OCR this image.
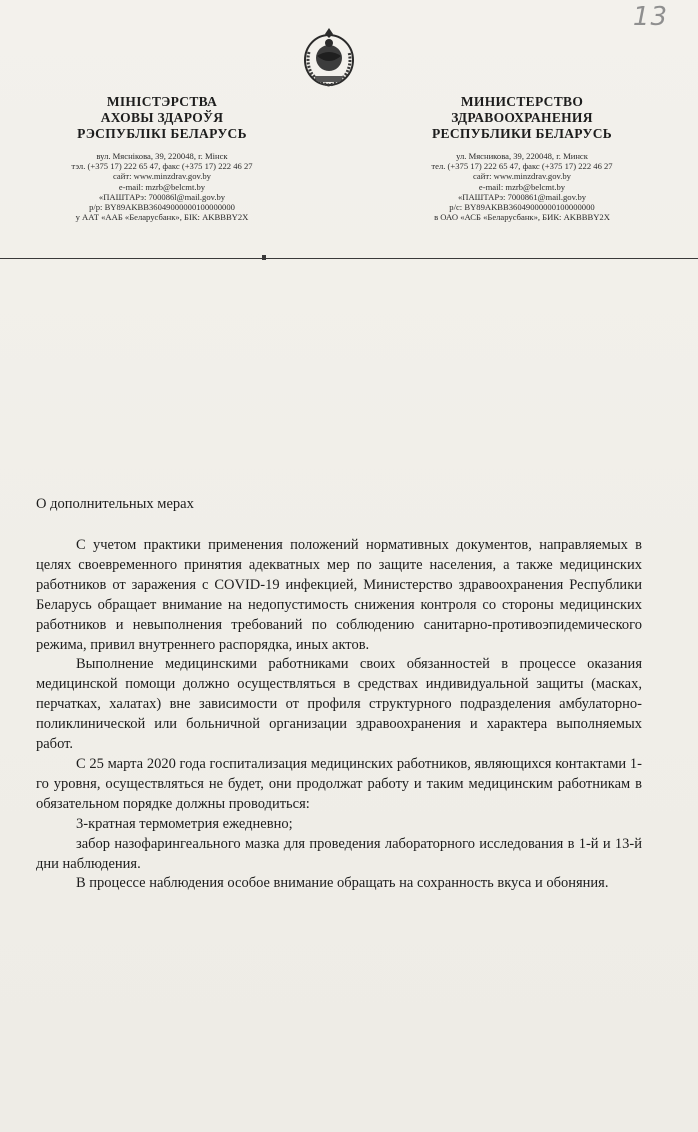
13
МIНIСТЭРСТВА
АХОВЫ ЗДАРОЎЯ
РЭСПУБЛIКI БЕЛАРУСЬ
вул. Мяснiкова, 39, 220048, г. Мiнск
тэл. (+375 17) 222 65 47, факс (+375 17) 222 46 27
сайт: www.minzdrav.gov.by
e-mail: mzrb@belcmt.by
«ПАШТАРэ: 700086l@mail.gov.by
р/р: BY89AKBB36049000000100000000
у ААТ «ААБ «Беларусбанк», БIК: AKBBBY2X
МИНИСТЕРСТВО
ЗДРАВООХРАНЕНИЯ
РЕСПУБЛИКИ БЕЛАРУСЬ
ул. Мясникова, 39, 220048, г. Минск
тел. (+375 17) 222 65 47, факс (+375 17) 222 46 27
сайт: www.minzdrav.gov.by
e-mail: mzrb@belcmt.by
«ПАШТАРэ: 7000861@mail.gov.by
р/с: BY89AKBB36049000000100000000
в ОАО «АСБ «Беларусбанк», БИК: AKBBBY2X
О дополнительных мерах

С учетом практики применения положений нормативных документов, направляемых в целях своевременного принятия адекватных мер по защите населения, а также медицинских работников от заражения с COVID-19 инфекцией, Министерство здравоохранения Республики Беларусь обращает внимание на недопустимость снижения контроля со стороны медицинских работников и невыполнения требований по соблюдению санитарно-противоэпидемического режима, привил внутреннего распорядка, иных актов.

Выполнение медицинскими работниками своих обязанностей в процессе оказания медицинской помощи должно осуществляться в средствах индивидуальной защиты (масках, перчатках, халатах) вне зависимости от профиля структурного подразделения амбулаторно-поликлинической или больничной организации здравоохранения и характера выполняемых работ.

С 25 марта 2020 года госпитализация медицинских работников, являющихся контактами 1-го уровня, осуществляться не будет, они продолжат работу и таким медицинским работникам в обязательном порядке должны проводиться:

3-кратная термометрия ежедневно;

забор назофарингеального мазка для проведения лабораторного исследования в 1-й и 13-й дни наблюдения.

В процессе наблюдения особое внимание обращать на сохранность вкуса и обоняния.
